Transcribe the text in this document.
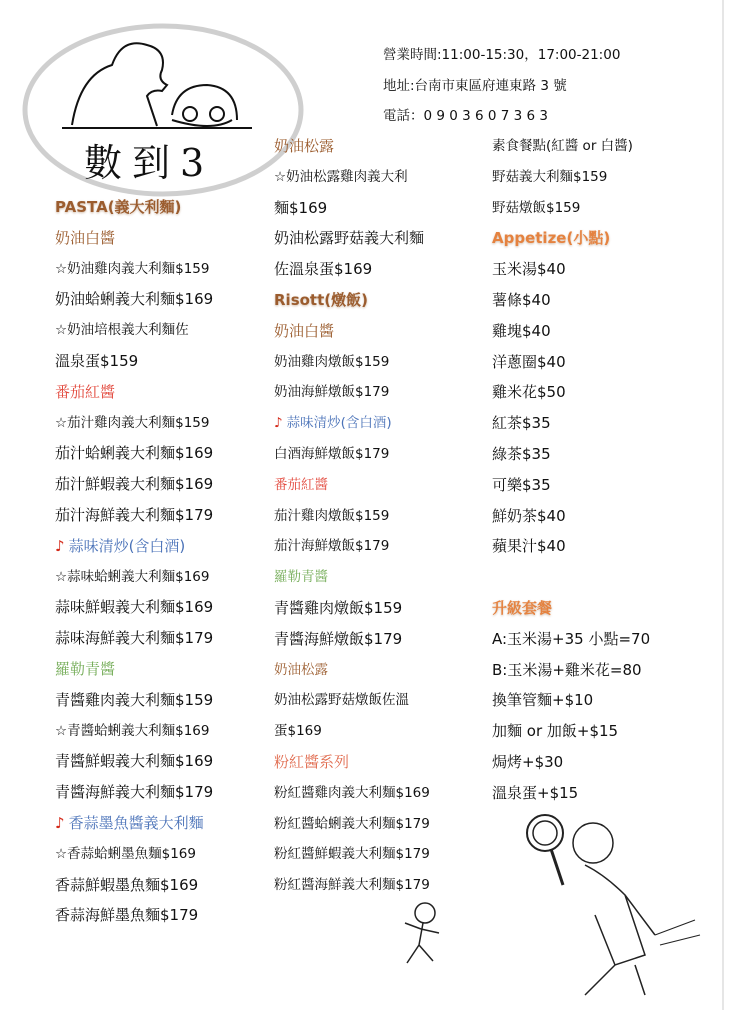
數到3
營業時間:11:00-15:30，17:00-21:00
地址:台南市東區府連東路 3 號
電話：0 9 0 3 6 0 7 3 6 3
PASTA(義大利麵)
奶油白醬
☆奶油雞肉義大利麵$159
奶油蛤蜊義大利麵$169
☆奶油培根義大利麵佐
溫泉蛋$159
番茄紅醬
☆茄汁雞肉義大利麵$159
茄汁蛤蜊義大利麵$169
茄汁鮮蝦義大利麵$169
茄汁海鮮義大利麵$179
♪ 蒜味清炒(含白酒)
☆蒜味蛤蜊義大利麵$169
蒜味鮮蝦義大利麵$169
蒜味海鮮義大利麵$179
羅勒青醬
青醬雞肉義大利麵$159
☆青醬蛤蜊義大利麵$169
青醬鮮蝦義大利麵$169
青醬海鮮義大利麵$179
♪ 香蒜墨魚醬義大利麵
☆香蒜蛤蜊墨魚麵$169
香蒜鮮蝦墨魚麵$169
香蒜海鮮墨魚麵$179
奶油松露
☆奶油松露雞肉義大利
麵$169
奶油松露野菇義大利麵
佐溫泉蛋$169
Risott(燉飯)
奶油白醬
奶油雞肉燉飯$159
奶油海鮮燉飯$179
♪ 蒜味清炒(含白酒)
白酒海鮮燉飯$179
番茄紅醬
茄汁雞肉燉飯$159
茄汁海鮮燉飯$179
羅勒青醬
青醬雞肉燉飯$159
青醬海鮮燉飯$179
奶油松露
奶油松露野菇燉飯佐溫
蛋$169
粉紅醬系列
粉紅醬雞肉義大利麵$169
粉紅醬蛤蜊義大利麵$179
粉紅醬鮮蝦義大利麵$179
粉紅醬海鮮義大利麵$179
素食餐點(紅醬 or 白醬)
野菇義大利麵$159
野菇燉飯$159
Appetize(小點)
玉米湯$40
薯條$40
雞塊$40
洋蔥圈$40
雞米花$50
紅茶$35
綠茶$35
可樂$35
鮮奶茶$40
蘋果汁$40
升級套餐
A:玉米湯+35 小點=70
B:玉米湯+雞米花=80
換筆管麵+$10
加麵 or 加飯+$15
焗烤+$30
溫泉蛋+$15
